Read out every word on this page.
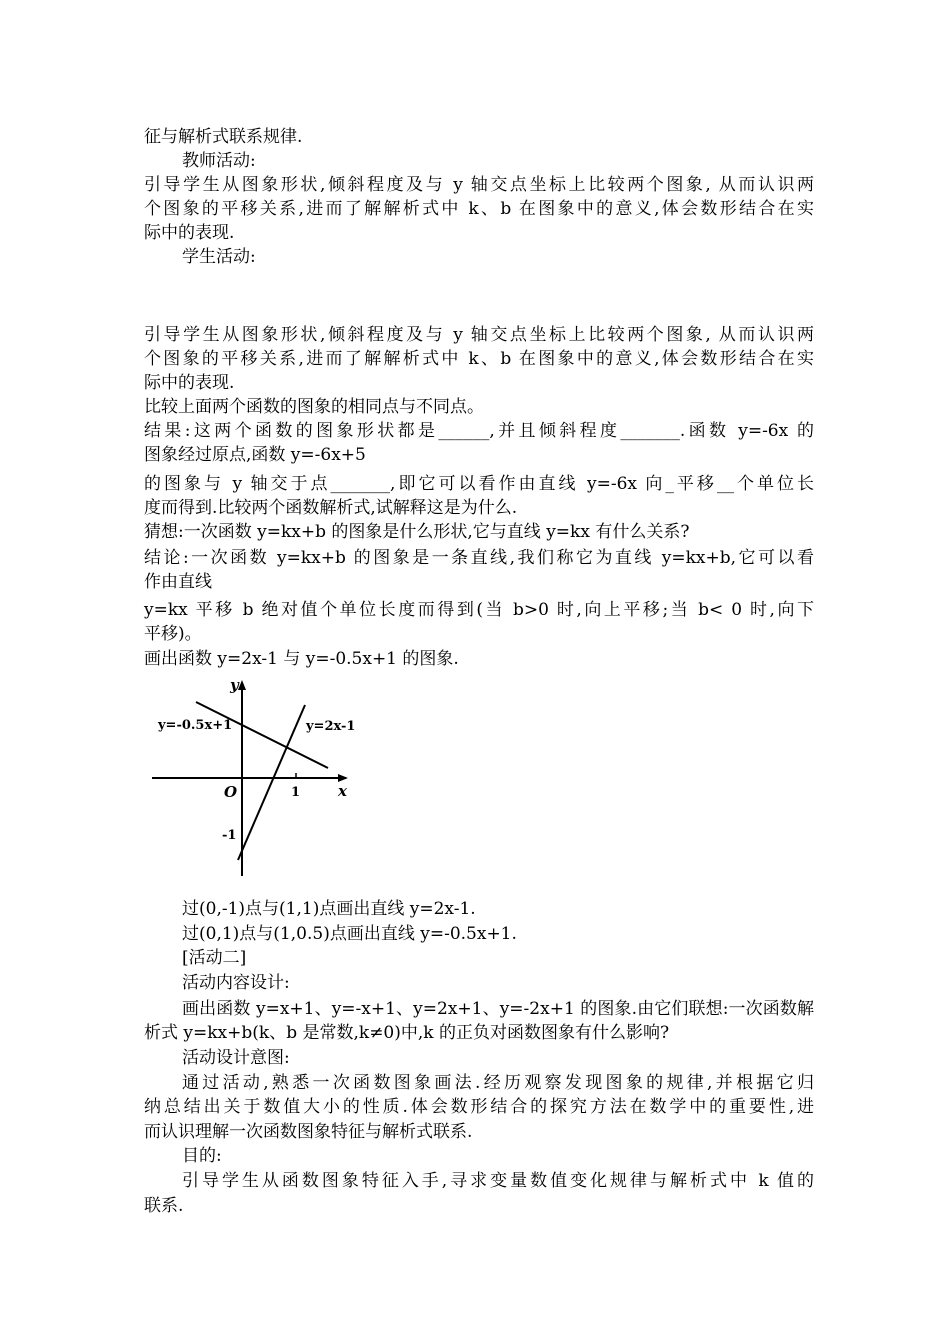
征与解析式联系规律.
教师活动:
引导学生从图象形状,倾斜程度及与 y 轴交点坐标上比较两个图象, 从而认识两
个图象的平移关系,进而了解解析式中 k、b 在图象中的意义,体会数形结合在实
际中的表现.
学生活动:
引导学生从图象形状,倾斜程度及与 y 轴交点坐标上比较两个图象, 从而认识两
个图象的平移关系,进而了解解析式中 k、b 在图象中的意义,体会数形结合在实
际中的表现.
比较上面两个函数的图象的相同点与不同点。
结果:这两个函数的图象形状都是______,并且倾斜程度_______.函数 y=-6x 的
图象经过原点,函数 y=-6x+5
的图象与 y 轴交于点_______,即它可以看作由直线 y=-6x 向_平移__个单位长
度而得到.比较两个函数解析式,试解释这是为什么.
猜想:一次函数 y=kx+b 的图象是什么形状,它与直线 y=kx 有什么关系?
结论:一次函数 y=kx+b 的图象是一条直线,我们称它为直线 y=kx+b,它可以看
作由直线
y=kx 平移 b 绝对值个单位长度而得到(当 b>0 时,向上平移;当 b< 0 时,向下
平移)。
画出函数 y=2x-1 与 y=-0.5x+1 的图象.
y
x
O	1
-1
y=-0.5x+1	y=2x-1
过(0,-1)点与(1,1)点画出直线 y=2x-1.
过(0,1)点与(1,0.5)点画出直线 y=-0.5x+1.
[活动二]
活动内容设计:
画出函数 y=x+1、y=-x+1、y=2x+1、y=-2x+1 的图象.由它们联想:一次函数解
析式 y=kx+b(k、b 是常数,k≠0)中,k 的正负对函数图象有什么影响?
活动设计意图:
通过活动,熟悉一次函数图象画法.经历观察发现图象的规律,并根据它归
纳总结出关于数值大小的性质.体会数形结合的探究方法在数学中的重要性,进
而认识理解一次函数图象特征与解析式联系.
目的:
引导学生从函数图象特征入手,寻求变量数值变化规律与解析式中 k 值的
联系.
